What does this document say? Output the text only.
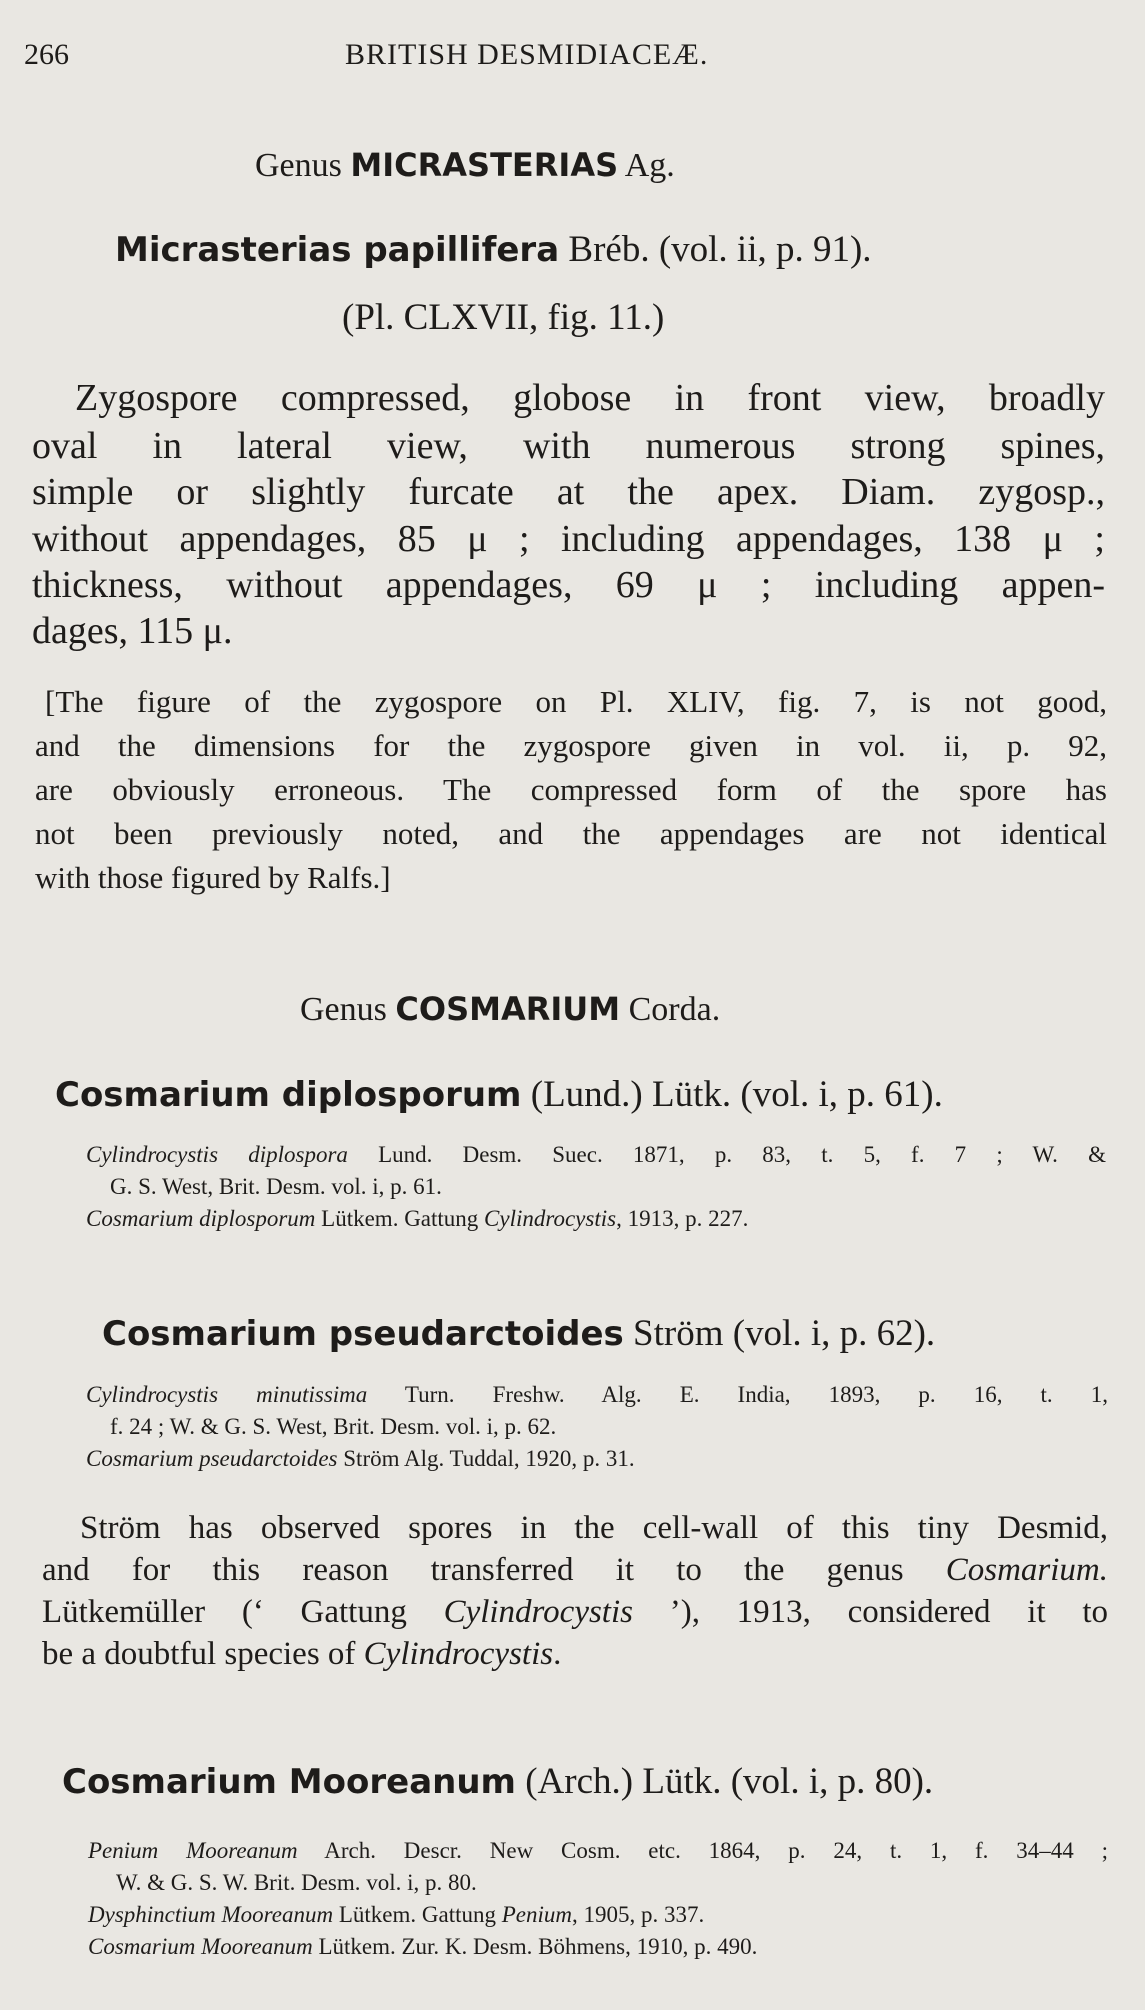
266	BRITISH DESMIDIACEÆ.
Genus MICRASTERIAS Ag.
Micrasterias papillifera Bréb. (vol. ii, p. 91).
(Pl. CLXVII, fig. 11.)
Zygospore compressed, globose in front view, broadly
oval in lateral view, with numerous strong spines,
simple or slightly furcate at the apex. Diam. zygosp.,
without appendages, 85 μ ; including appendages, 138 μ ;
thickness, without appendages, 69 μ ; including appen-
dages, 115 μ.
[The figure of the zygospore on Pl. XLIV, fig. 7, is not good,
and the dimensions for the zygospore given in vol. ii, p. 92,
are obviously erroneous. The compressed form of the spore has
not been previously noted, and the appendages are not identical
with those figured by Ralfs.]
Genus COSMARIUM Corda.
Cosmarium diplosporum (Lund.) Lütk. (vol. i, p. 61).
Cylindrocystis diplospora Lund. Desm. Suec. 1871, p. 83, t. 5, f. 7 ; W. &
G. S. West, Brit. Desm. vol. i, p. 61.
Cosmarium diplosporum Lütkem. Gattung Cylindrocystis, 1913, p. 227.
Cosmarium pseudarctoides Ström (vol. i, p. 62).
Cylindrocystis minutissima Turn. Freshw. Alg. E. India, 1893, p. 16, t. 1,
f. 24 ; W. & G. S. West, Brit. Desm. vol. i, p. 62.
Cosmarium pseudarctoides Ström Alg. Tuddal, 1920, p. 31.
Ström has observed spores in the cell-wall of this tiny Desmid,
and for this reason transferred it to the genus Cosmarium.
Lütkemüller (‘ Gattung Cylindrocystis ’), 1913, considered it to
be a doubtful species of Cylindrocystis.
Cosmarium Mooreanum (Arch.) Lütk. (vol. i, p. 80).
Penium Mooreanum Arch. Descr. New Cosm. etc. 1864, p. 24, t. 1, f. 34–44 ;
W. & G. S. W. Brit. Desm. vol. i, p. 80.
Dysphinctium Mooreanum Lütkem. Gattung Penium, 1905, p. 337.
Cosmarium Mooreanum Lütkem. Zur. K. Desm. Böhmens, 1910, p. 490.
